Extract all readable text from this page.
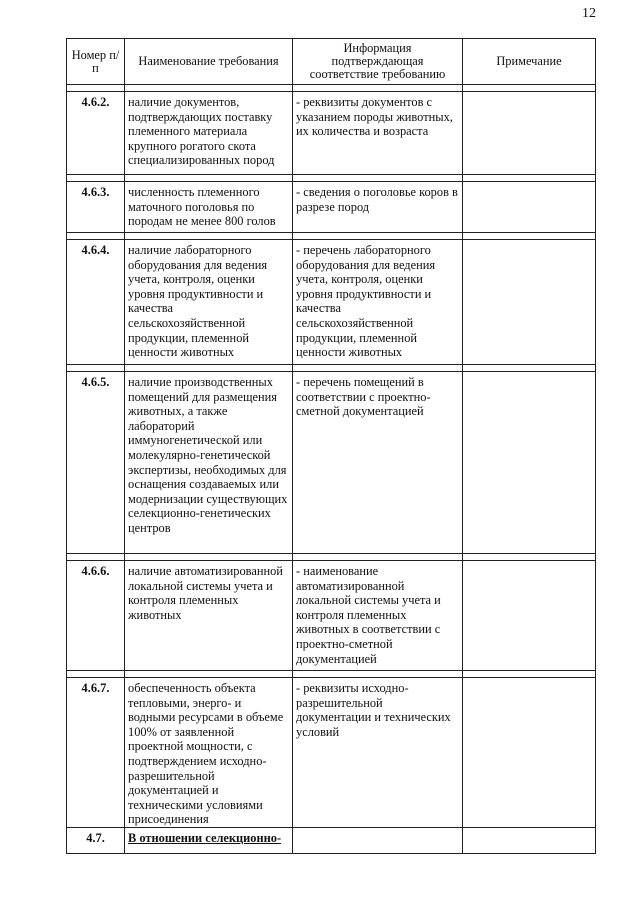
12
Номер п/п	Наименование требования	Информация подтверждающая соответствие требованию	Примечание

4.6.2.	наличие документов, подтверждающих поставку племенного материала крупного рогатого скота специализированных пород	- реквизиты документов с указанием породы животных, их количества и возраста	

4.6.3.	численность племенного маточного поголовья по породам не менее 800 голов	- сведения о поголовье коров в разрезе пород	

4.6.4.	наличие лабораторного оборудования для ведения учета, контроля, оценки уровня продуктивности и качества сельскохозяйственной продукции, племенной ценности животных	- перечень лабораторного оборудования для ведения учета, контроля, оценки уровня продуктивности и качества сельскохозяйственной продукции, племенной ценности животных	

4.6.5.	наличие производственных помещений для размещения животных, а также лабораторий иммуногенетической или молекулярно-генетической экспертизы, необходимых для оснащения создаваемых или модернизации существующих селекционно-генетических центров	- перечень помещений в соответствии с проектно-сметной документацией	

4.6.6.	наличие автоматизированной локальной системы учета и контроля племенных животных	- наименование автоматизированной локальной системы учета и контроля племенных животных в соответствии с проектно-сметной документацией	

4.6.7.	обеспеченность объекта тепловыми, энерго- и водными ресурсами в объеме 100% от заявленной проектной мощности, с подтверждением исходно-разрешительной документацией и техническими условиями присоединения	- реквизиты исходно-разрешительной документации и технических условий	
4.7.	В отношении селекционно-		
